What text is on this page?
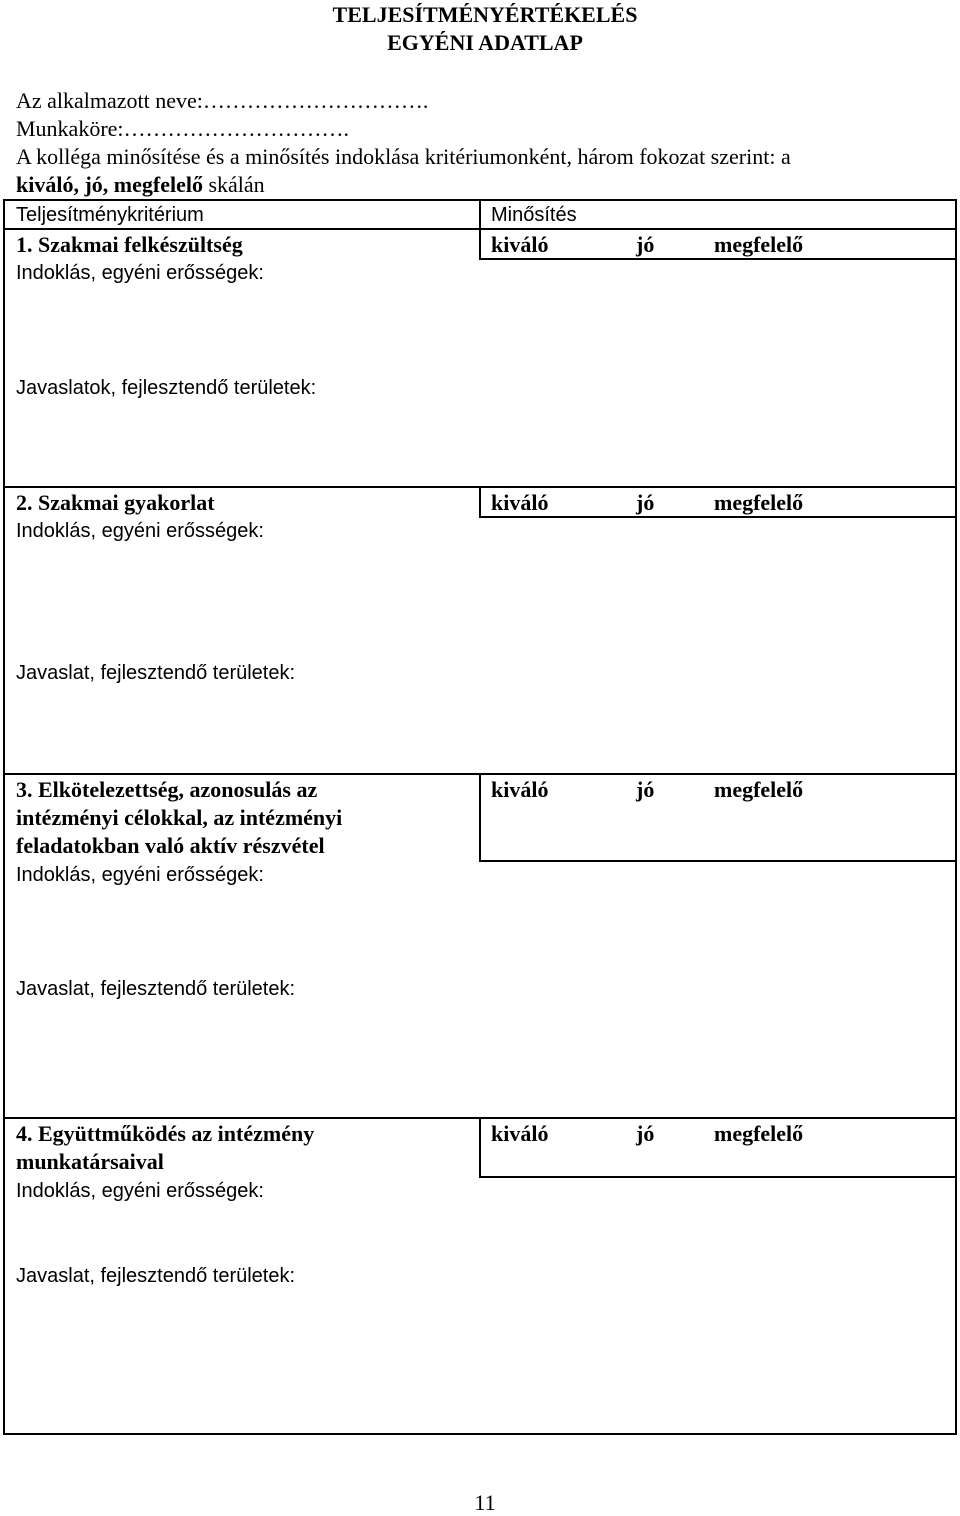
TELJESÍTMÉNYÉRTÉKELÉS
EGYÉNI ADATLAP
Az alkalmazott neve:………………………….
Munkaköre:………………………….
A kolléga minősítése és a minősítés indoklása kritériumonként, három fokozat szerint: a
kiváló, jó, megfelelő skálán
Teljesítménykritérium	Minősítés
1. Szakmai felkészültség	kiváló	jó	megfelelő
Indoklás, egyéni erősségek:
Javaslatok, fejlesztendő területek:
2. Szakmai gyakorlat	kiváló	jó	megfelelő
Indoklás, egyéni erősségek:
Javaslat, fejlesztendő területek:
3. Elkötelezettség, azonosulás az
intézményi célokkal, az intézményi
feladatokban való aktív részvétel
kiváló	jó	megfelelő
Indoklás, egyéni erősségek:
Javaslat, fejlesztendő területek:
4. Együttműködés az intézmény
munkatársaival
kiváló	jó	megfelelő
Indoklás, egyéni erősségek:
Javaslat, fejlesztendő területek:
11
